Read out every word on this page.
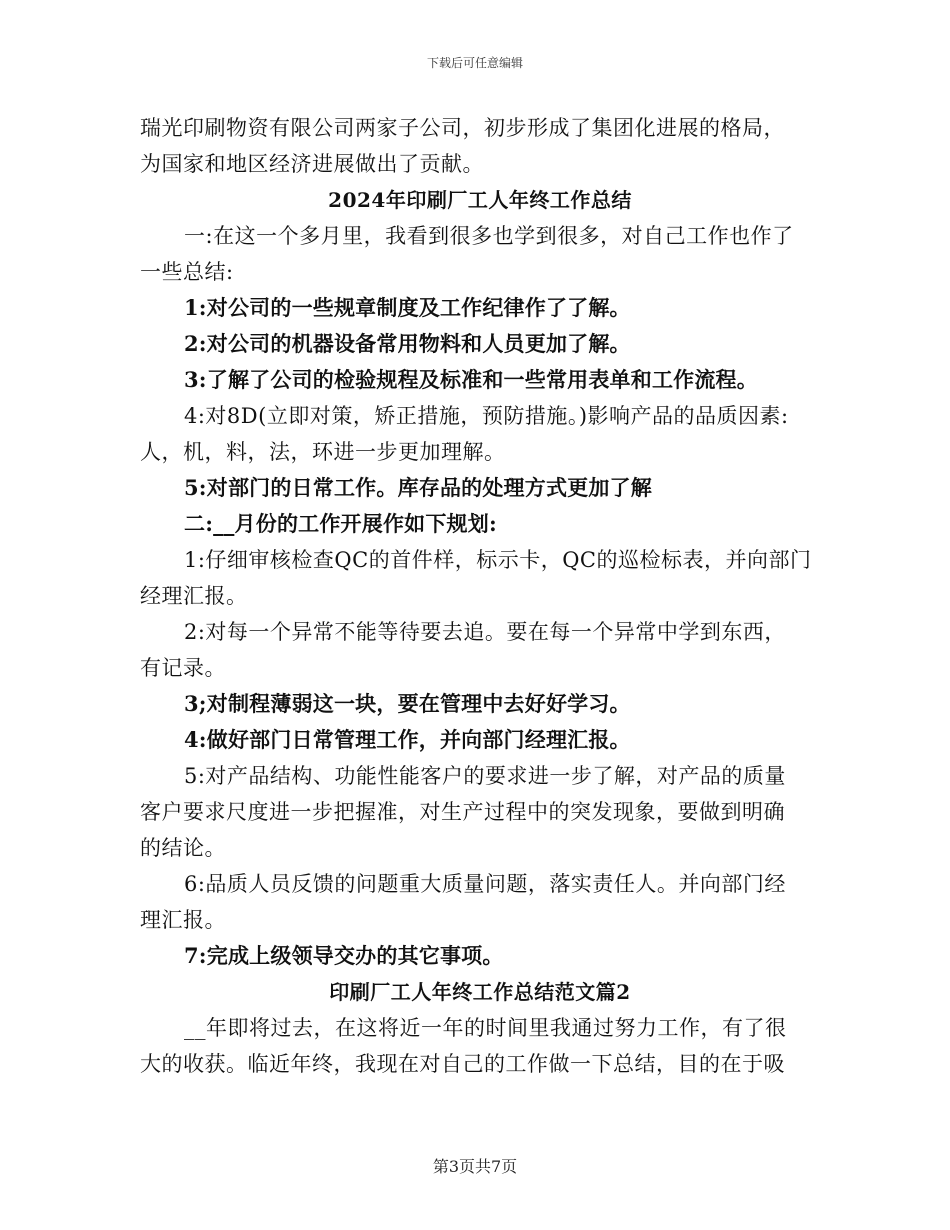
下载后可任意编辑
瑞光印刷物资有限公司两家子公司，初步形成了集团化进展的格局，
为国家和地区经济进展做出了贡献。
2024年印刷厂工人年终工作总结
一:在这一个多月里，我看到很多也学到很多，对自己工作也作了
一些总结:
1:对公司的一些规章制度及工作纪律作了了解。
2:对公司的机器设备常用物料和人员更加了解。
3:了解了公司的检验规程及标准和一些常用表单和工作流程。
4:对8D(立即对策，矫正措施，预防措施。)影响产品的品质因素:
人，机，料，法，环进一步更加理解。
5:对部门的日常工作。库存品的处理方式更加了解
二:__月份的工作开展作如下规划:
1:仔细审核检查QC的首件样，标示卡，QC的巡检标表，并向部门
经理汇报。
2:对每一个异常不能等待要去追。要在每一个异常中学到东西，
有记录。
3;对制程薄弱这一块，要在管理中去好好学习。
4:做好部门日常管理工作，并向部门经理汇报。
5:对产品结构、功能性能客户的要求进一步了解，对产品的质量
客户要求尺度进一步把握准，对生产过程中的突发现象，要做到明确
的结论。
6:品质人员反馈的问题重大质量问题，落实责任人。并向部门经
理汇报。
7:完成上级领导交办的其它事项。
印刷厂工人年终工作总结范文篇2
__年即将过去，在这将近一年的时间里我通过努力工作，有了很
大的收获。临近年终，我现在对自己的工作做一下总结，目的在于吸
第3页共7页
